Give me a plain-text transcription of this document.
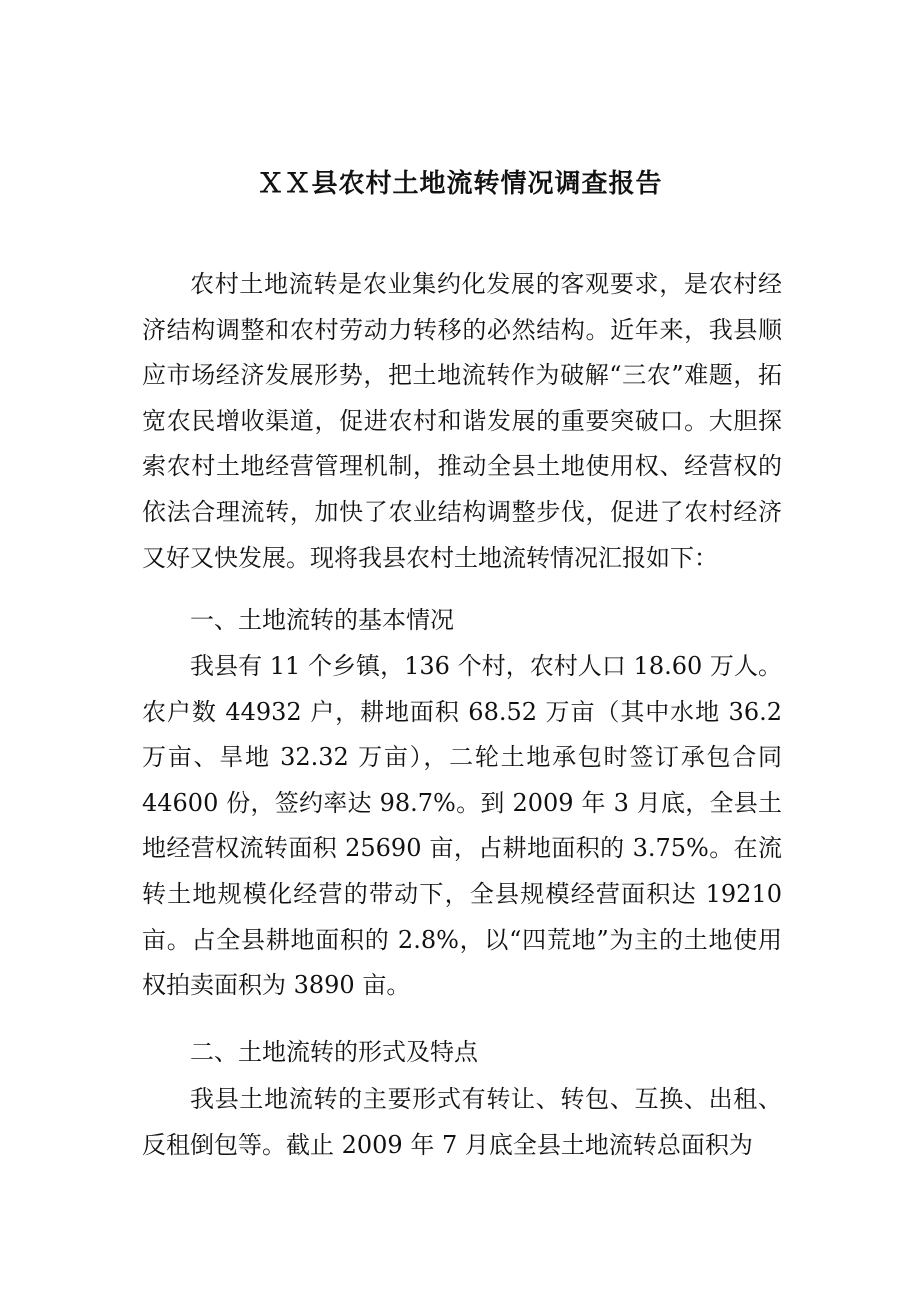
ＸＸ县农村土地流转情况调查报告

农村土地流转是农业集约化发展的客观要求，是农村经济结构调整和农村劳动力转移的必然结构。近年来，我县顺应市场经济发展形势，把土地流转作为破解“三农”难题，拓宽农民增收渠道，促进农村和谐发展的重要突破口。大胆探索农村土地经营管理机制，推动全县土地使用权、经营权的依法合理流转，加快了农业结构调整步伐，促进了农村经济又好又快发展。现将我县农村土地流转情况汇报如下：

一、土地流转的基本情况

我县有 11 个乡镇，136 个村，农村人口 18.60 万人。农户数 44932 户，耕地面积 68.52 万亩（其中水地 36.2 万亩、旱地 32.32 万亩），二轮土地承包时签订承包合同 44600 份，签约率达 98.7%。到 2009 年 3 月底，全县土地经营权流转面积 25690 亩，占耕地面积的 3.75%。在流转土地规模化经营的带动下，全县规模经营面积达 19210 亩。占全县耕地面积的 2.8%，以“四荒地”为主的土地使用权拍卖面积为 3890 亩。

二、土地流转的形式及特点

我县土地流转的主要形式有转让、转包、互换、出租、反租倒包等。截止 2009 年 7 月底全县土地流转总面积为
